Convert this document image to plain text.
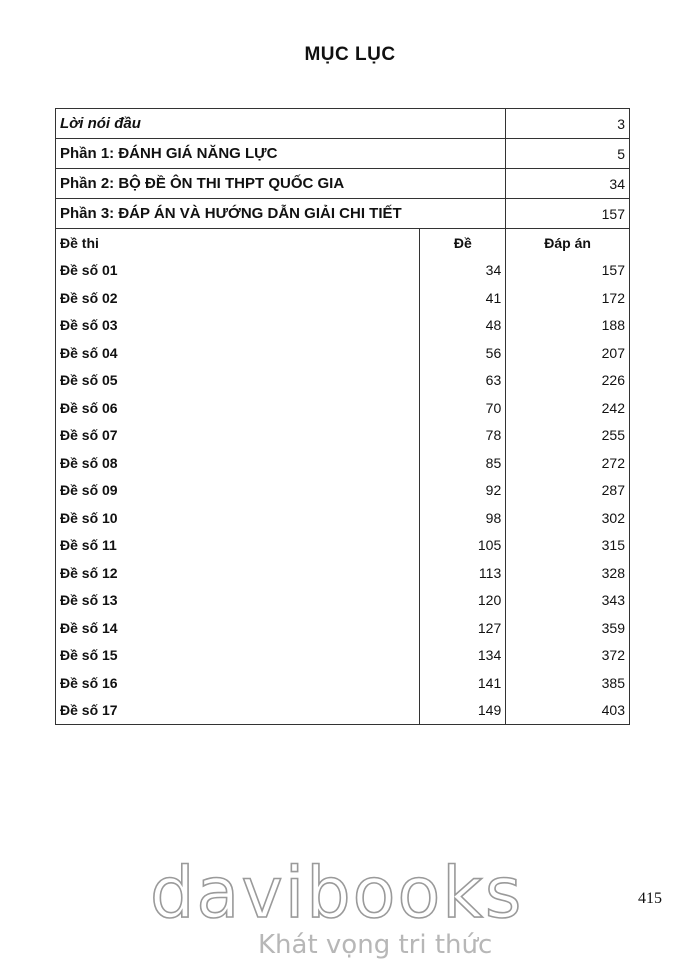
MỤC LỤC
Lời nói đầu		3
Phần 1: ĐÁNH GIÁ NĂNG LỰC		5
Phần 2: BỘ ĐỀ ÔN THI THPT QUỐC GIA		34
Phần 3: ĐÁP ÁN VÀ HƯỚNG DẪN GIẢI CHI TIẾT		157
Đề thi	Đề	Đáp án
Đề số 01	34	157
Đề số 02	41	172
Đề số 03	48	188
Đề số 04	56	207
Đề số 05	63	226
Đề số 06	70	242
Đề số 07	78	255
Đề số 08	85	272
Đề số 09	92	287
Đề số 10	98	302
Đề số 11	105	315
Đề số 12	113	328
Đề số 13	120	343
Đề số 14	127	359
Đề số 15	134	372
Đề số 16	141	385
Đề số 17	149	403
415
davibooks
Khát vọng tri thức
